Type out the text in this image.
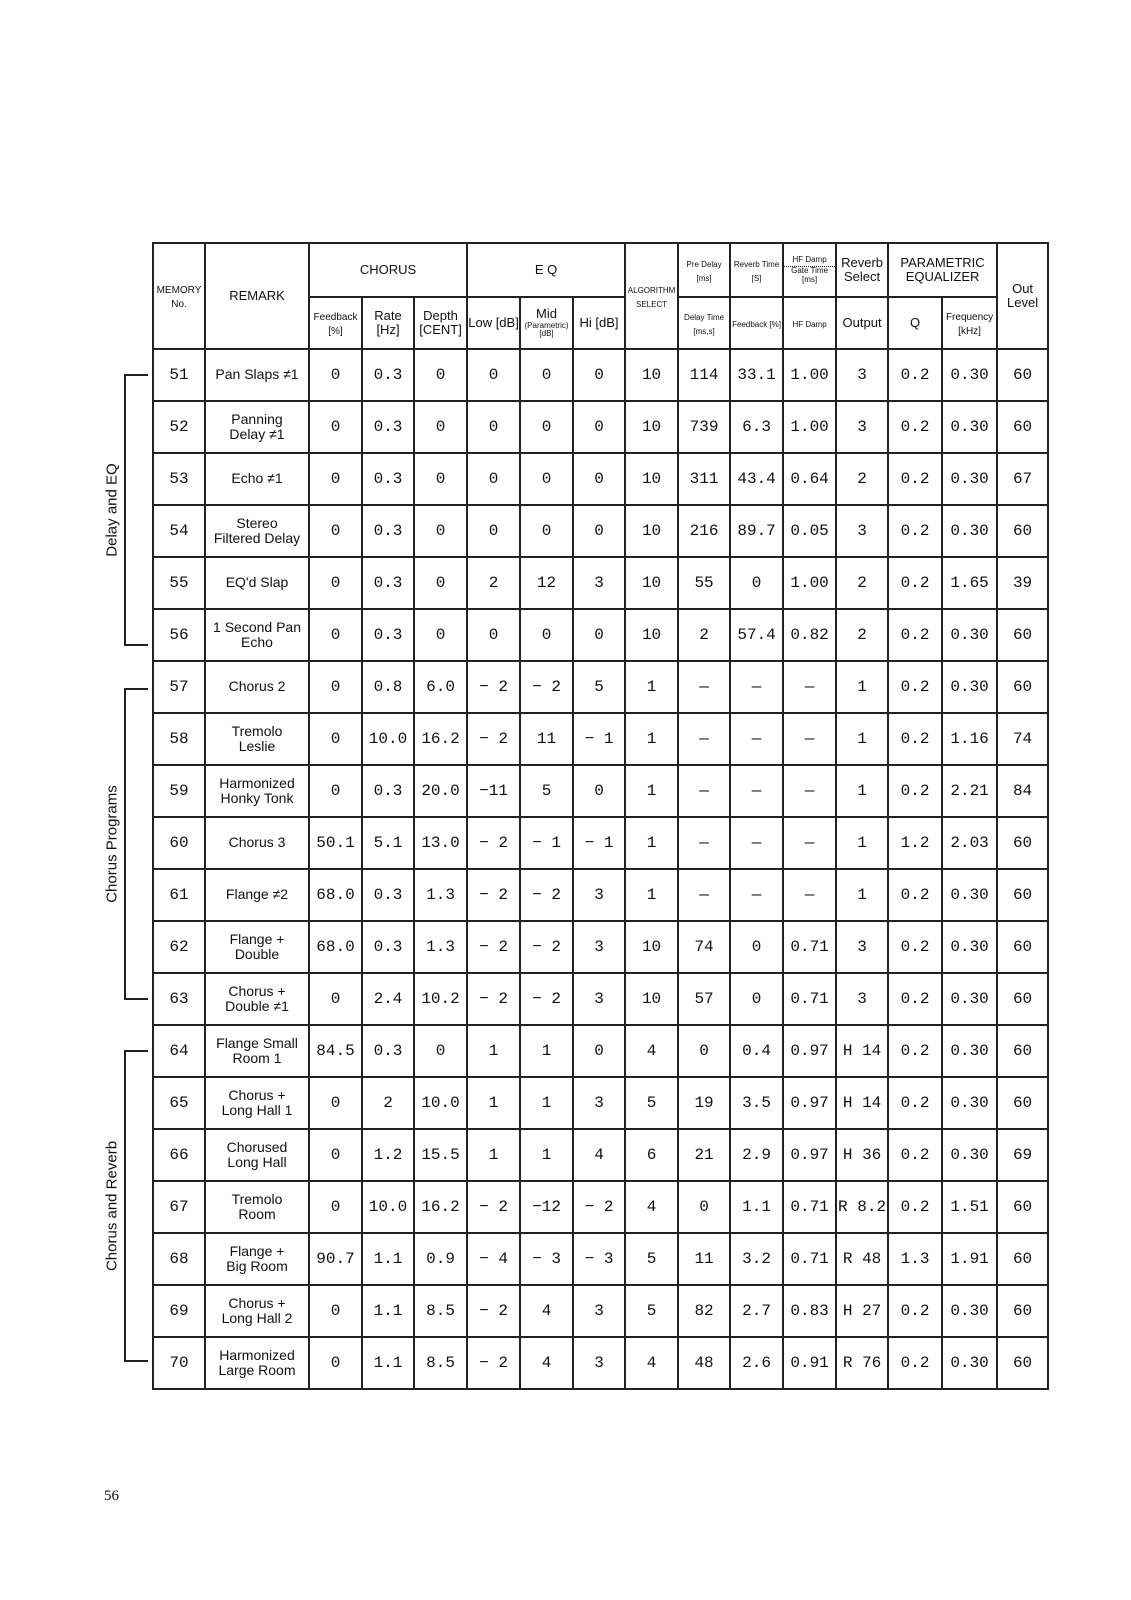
MEMORY No.	REMARK	CHORUS			E Q			ALGORITHM SELECT	Pre Delay [ms]	Reverb Time [S]	HF Damp
Gate Time [ms]	Reverb Select	PARAMETRIC EQUALIZER		Out Level
		Feedback [%]	Rate [Hz]	Depth [CENT]	Low [dB]	Mid
(Parametric) [dB]	Hi [dB]		Delay Time [ms,s]	Feedback [%]	HF Damp	Output	Q	Frequency [kHz]	
51	Pan Slaps ≠1	0	0.3	0	0	0	0	10	114	33.1	1.00	3	0.2	0.30	60
52	Panning
Delay ≠1	0	0.3	0	0	0	0	10	739	6.3	1.00	3	0.2	0.30	60
53	Echo ≠1	0	0.3	0	0	0	0	10	311	43.4	0.64	2	0.2	0.30	67
54	Stereo
Filtered Delay	0	0.3	0	0	0	0	10	216	89.7	0.05	3	0.2	0.30	60
55	EQ'd Slap	0	0.3	0	2	12	3	10	55	0	1.00	2	0.2	1.65	39
56	1 Second Pan
Echo	0	0.3	0	0	0	0	10	2	57.4	0.82	2	0.2	0.30	60
57	Chorus 2	0	0.8	6.0	− 2	− 2	5	1	—	—	—	1	0.2	0.30	60
58	Tremolo
Leslie	0	10.0	16.2	− 2	11	− 1	1	—	—	—	1	0.2	1.16	74
59	Harmonized
Honky Tonk	0	0.3	20.0	−11	5	0	1	—	—	—	1	0.2	2.21	84
60	Chorus 3	50.1	5.1	13.0	− 2	− 1	− 1	1	—	—	—	1	1.2	2.03	60
61	Flange ≠2	68.0	0.3	1.3	− 2	− 2	3	1	—	—	—	1	0.2	0.30	60
62	Flange +
Double	68.0	0.3	1.3	− 2	− 2	3	10	74	0	0.71	3	0.2	0.30	60
63	Chorus +
Double ≠1	0	2.4	10.2	− 2	− 2	3	10	57	0	0.71	3	0.2	0.30	60
64	Flange Small
Room 1	84.5	0.3	0	1	1	0	4	0	0.4	0.97	H 14	0.2	0.30	60
65	Chorus +
Long Hall 1	0	2	10.0	1	1	3	5	19	3.5	0.97	H 14	0.2	0.30	60
66	Chorused
Long Hall	0	1.2	15.5	1	1	4	6	21	2.9	0.97	H 36	0.2	0.30	69
67	Tremolo
Room	0	10.0	16.2	− 2	−12	− 2	4	0	1.1	0.71	R 8.2	0.2	1.51	60
68	Flange +
Big Room	90.7	1.1	0.9	− 4	− 3	− 3	5	11	3.2	0.71	R 48	1.3	1.91	60
69	Chorus +
Long Hall 2	0	1.1	8.5	− 2	4	3	5	82	2.7	0.83	H 27	0.2	0.30	60
70	Harmonized
Large Room	0	1.1	8.5	− 2	4	3	4	48	2.6	0.91	R 76	0.2	0.30	60
Delay and EQ
Chorus Programs
Chorus and Reverb
56
